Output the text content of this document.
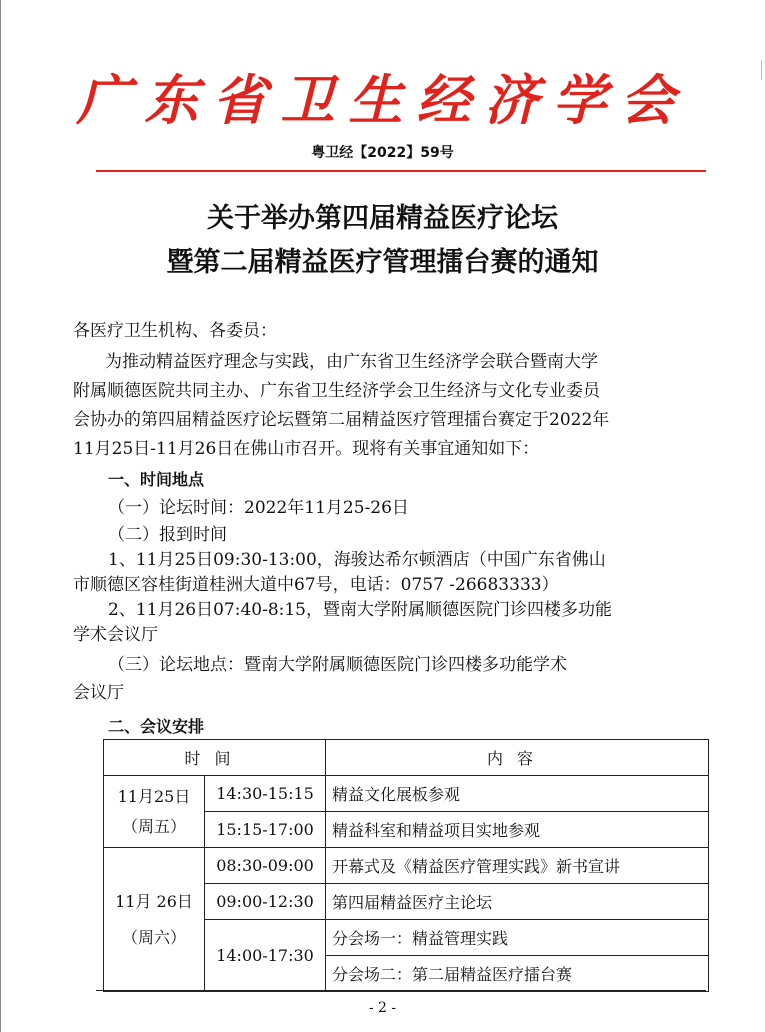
广东省卫生经济学会
粤卫经【2022】59号
关于举办第四届精益医疗论坛
暨第二届精益医疗管理擂台赛的通知
各医疗卫生机构、各委员：
为推动精益医疗理念与实践，由广东省卫生经济学会联合暨南大学
附属顺德医院共同主办、广东省卫生经济学会卫生经济与文化专业委员
会协办的第四届精益医疗论坛暨第二届精益医疗管理擂台赛定于2022年
11月25日-11月26日在佛山市召开。现将有关事宜通知如下：
一、时间地点
（一）论坛时间：2022年11月25-26日
（二）报到时间
1、11月25日09:30-13:00，海骏达希尔顿酒店（中国广东省佛山
市顺德区容桂街道桂洲大道中67号，电话：0757 -26683333）
2、11月26日07:40-8:15，暨南大学附属顺德医院门诊四楼多功能
学术会议厅
（三）论坛地点：暨南大学附属顺德医院门诊四楼多功能学术
会议厅
二、会议安排
时间		内容

11月25日
（周五）	14:30-15:15	精益文化展板参观
	15:15-17:00	精益科室和精益项目实地参观

11月 26日
（周六）	08:30-09:00	开幕式及《精益医疗管理实践》新书宣讲
	09:00-12:30	第四届精益医疗主论坛
	14:00-17:30	分会场一：精益管理实践
		分会场二：第二届精益医疗擂台赛
- 2 -
